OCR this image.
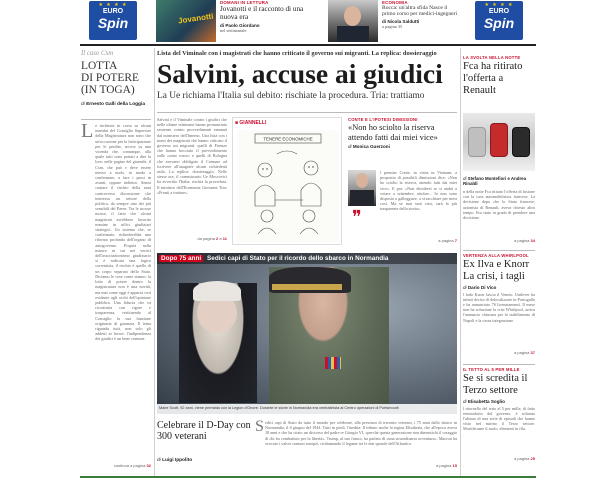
★ ★ ★ ★
EURO
Spin	Jovanotti
DOMANI IN LETTURA
Jovanotti e il racconto di una nuova era
di Paolo Giordano
nel settimanale
ECONOMIA
Rocca: un'altra sfida Nasce il primo corso per medici-ingegneri
di Nicola Saldutti
a pagina 35
★ ★ ★ ★
EURO
Spin
Il caso Csm
LOTTA
DI POTERE
(IN TOGA)
di Ernesto Galli della Loggia
L e inchieste in corso su alcuni membri del Consiglio Superiore della Magistratura non sono che un'occasione per la fatticipazione per le perdite, accese su una vicenda che, comunque, alla quale tutti sono portati a dire la loro: nelle pagine del giornale, il Csm, che può e deve essere messo a nudo, in modo a confermare, a fare i passi in avanti, oppure indietro. Senza contare il rischio della nota controversa discussione che interessa un settore della politica, da sempre uno dei più sensibili del Paese. Tra le accuse mosse, il fatto che alcuni magistrati avrebbero favorito nomine in uffici giudiziari strategici. Un sistema che, se confermato, richiederebbe una riforma profonda dell'organo di autogoverno. Propria nella misura in cui nei vertici dell'associazionismo giudiziario si è radicata una logica correntizia, il rischio è quello di un corpo separato dello Stato. Diciamo le cose come stanno: la lotta di potere dentro la magistratura non è una novità, ma mai come oggi è apparsa così evidente agli occhi dell'opinione pubblica. Una fiducia che va ricostruita con rigore e trasparenza, restituendo al Consiglio la sua funzione originaria di garanzia. Il tema riguarda tutti, non solo gli addetti ai lavori: l'indipendenza dei giudici è un bene comune.
continua a pagina 32
Lista del Viminale con i magistrati che hanno criticato il governo sui migranti. La replica: dossieraggio
Salvini, accuse ai giudici
La Ue richiama l'Italia sul debito: rischiate la procedura. Tria: trattiamo
Salvini e il Viminale contro i giudici che nelle ultime settimane hanno pronunciato sentenze contro provvedimenti emanati dal ministero dell'Interno. Una lista con i nomi dei magistrati che hanno criticato il governo sui migranti: quelli di Firenze che hanno bocciato il provvedimento sulle «zone rosse» e quelli di Bologna che avevano obbligato il Comune ad iscrivere all'anagrafe alcuni richiedenti asilo. La replica: dossieraggio. Nelle stesse ore, il commissario Ue Moscovici ha avvertito l'Italia: rischia la procedura. Il ministro dell'Economia Giovanni Tria: «Pronti a trattare».
da pagina 2 a 11
■ GIANNELLI
TENERE ECONOMICHE
CONTE E L'IPOTESI DIMISSIONI
«Non ho sciolto la riserva attendo fatti dai miei vice»
di Monica Guerzoni
❞
l premier Conte, in visita in Vietnam, a proposito di possibili dimissioni dice: «Non ho sciolto la riserva, attendo fatti dai miei vice». E poi: «Non deciderei se si andrà a votare a settembre, ottobre... Io non sono disposto a galleggiare, a vivacchiare per mesi così. Ma se mai sarà crisi, sarà la più trasparente della storia».
a pagina 7
Dopo 75 anni Sedici capi di Stato per il ricordo dello sbarco in Normandia
Marie Scott, 92 anni, viene premiata con la Legion d'Onore. Durante le storie in Normandia era centralinista al Centro operazioni di Portsmouth
Celebrare il D-Day con 300 veterani
di Luigi Ippolito
S edici capi di Stato da tutto il mondo per celebrare, alla presenza di trecento veterani, i 75 anni dallo sbarco in Normandia, il 6 giugno del 1944. Tutti in piedi, l'inedita: Il tributo anche la regina Elisabetta, che all'epoca aveva 18 anni e che ha citato un discorso del padre re Giorgio VI, «perché questa generazione non dimentichi il coraggio di chi ha combattuto per la libertà». Trump, al suo fianco, ha parlato di «una straordinaria avventura». Macron ha evocato i valori comuni europei, richiamando il legame tra le due sponde dell'Atlantico.
a pagina 15
LA SVOLTA NELLA NOTTE
Fca ha ritirato l'offerta a Renault
di Stefano Montefiori e Andrea Rinaldi
n della notte Fca ritirato l'offerta di fusione con la casa automobilistica francese. La decisione dopo che lo Stato francese, azionista di Renault, aveva chiesto altro tempo. Era stato in grado di prendere una decisione.
a pagina 34
VERTENZA ALLA WHIRLPOOL
Ex Ilva e Knorr La crisi, i tagli
di Dario Di Vico
l fado Knorr lascia il Veneto. Unilever ha infatti deciso di delocalizzare in Portogallo e ha annunciato 76 licenziamenti. Il mese non ha soluzione la crisi Whirlpool, arriva l'annuncio chiusura per lo stabilimento di Napoli e la cassa integrazione.
a pagina 37
IL TETTO AL 5 PER MILLE
Se si scredita il Terzo settore
di Elisabetta Soglio
l ritornello del tetto al 5 per mille, di fatto reintrodotto dal governo, è soltanto l'ultimo di una serie di episodi che hanno visto nel mirino il Terzo settore. Mortificarne il ruolo, elementi in fila.
a pagina 25
